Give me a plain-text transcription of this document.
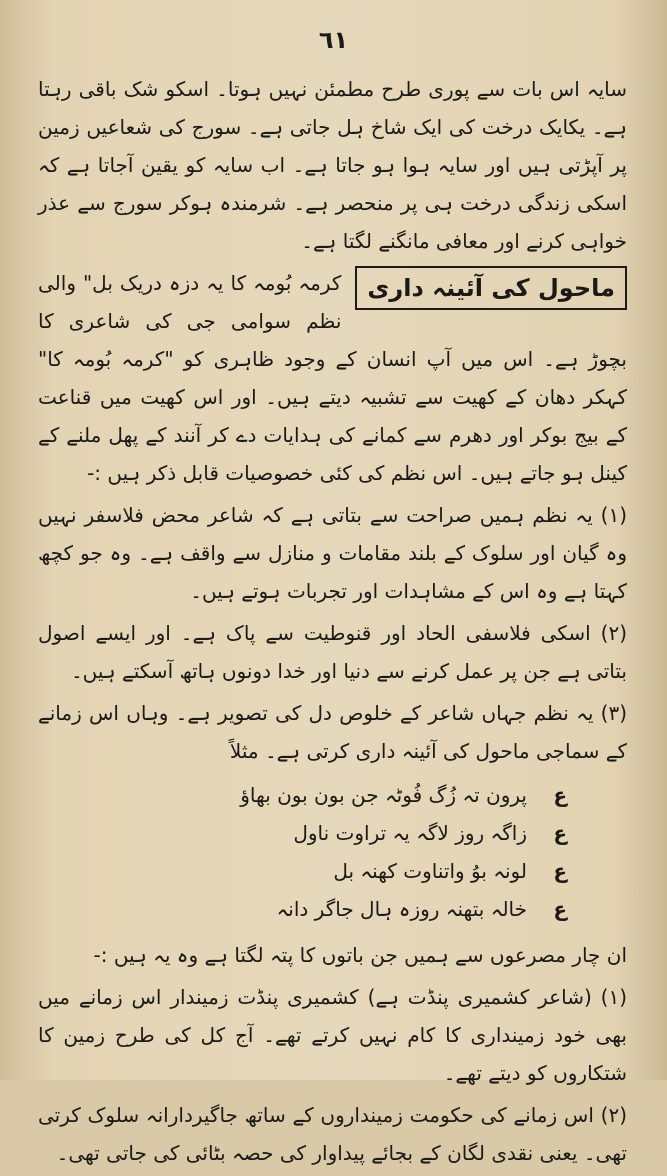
٦١

سایہ اس بات سے پوری طرح مطمئن نہیں ہوتا۔ اسکو شک باقی رہتا ہے۔ یکایک درخت کی ایک شاخ ہل جاتی ہے۔ سورج کی شعاعیں زمین پر آپڑتی ہیں اور سایہ ہوا ہو جاتا ہے۔ اب سایہ کو یقین آجاتا ہے کہ اسکی زندگی درخت ہی پر منحصر ہے۔ شرمندہ ہوکر سورج سے عذر خواہی کرنے اور معافی مانگنے لگتا ہے۔

ماحول کی آئینہ داری

کرمہ بُومہ کا یہ دزہ دریک بل" والی نظم سوامی جی کی شاعری کا بچوڑ ہے۔ اس میں آپ انسان کے وجود ظاہری کو "کرمہ بُومہ کا" کہکر دھان کے کھیت سے تشبیہ دیتے ہیں۔ اور اس کھیت میں قناعت کے بیج بوکر اور دھرم سے کمانے کی ہدایات دے کر آنند کے پھل ملنے کے کینل ہو جاتے ہیں۔ اس نظم کی کئی خصوصیات قابل ذکر ہیں :-

(۱) یہ نظم ہمیں صراحت سے بتاتی ہے کہ شاعر محض فلاسفر نہیں وہ گیان اور سلوک کے بلند مقامات و منازل سے واقف ہے۔ وہ جو کچھ کہتا ہے وہ اس کے مشاہدات اور تجربات ہوتے ہیں۔

(۲) اسکی فلاسفی الحاد اور قنوطیت سے پاک ہے۔ اور ایسے اصول بتاتی ہے جن پر عمل کرنے سے دنیا اور خدا دونوں ہاتھ آسکتے ہیں۔

(۳) یہ نظم جہاں شاعر کے خلوص دل کی تصویر ہے۔ وہاں اس زمانے کے سماجی ماحول کی آئینہ داری کرتی ہے۔ مثلاً

عپرون تہ زُگ فُوٹہ جن بون بون بھاؤ
عزاگہ روز لاگہ یہ تراوت ناول
علونہ بوُ واتناوت کھنہ بل
عخالہ بتھنہ روزہ ہال جاگر دانہ

ان چار مصرعوں سے ہمیں جن باتوں کا پتہ لگتا ہے وہ یہ ہیں :-

(۱) (شاعر کشمیری پنڈت ہے) کشمیری پنڈت زمیندار اس زمانے میں بھی خود زمینداری کا کام نہیں کرتے تھے۔ آج کل کی طرح زمین کا شتکاروں کو دیتے تھے۔

(۲) اس زمانے کی حکومت زمینداروں کے ساتھ جاگیردارانہ سلوک کرتی تھی۔ یعنی نقدی لگان کے بجائے پیداوار کی حصہ بٹائی کی جاتی تھی۔
